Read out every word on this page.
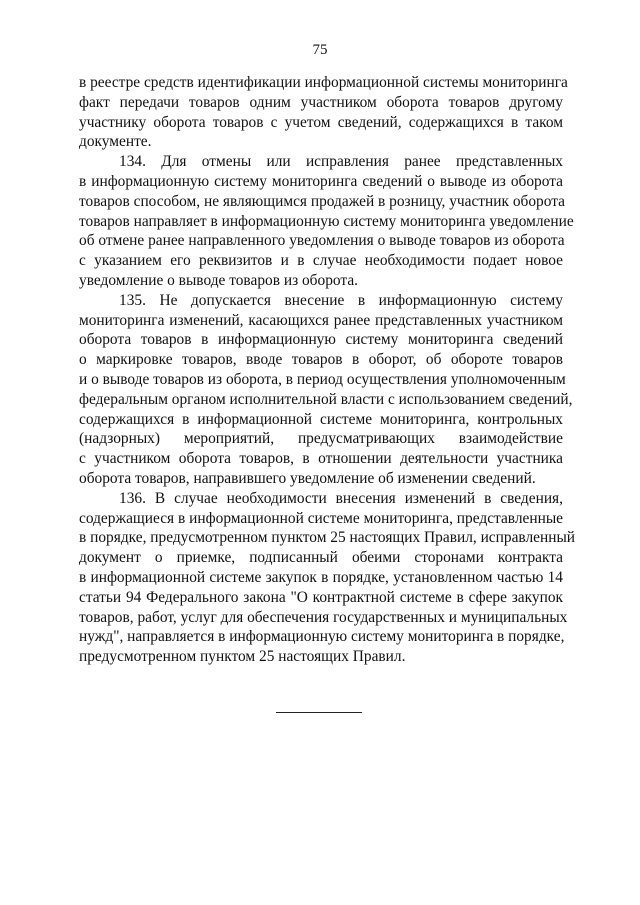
75
в реестре средств идентификации информационной системы мониторинга
факт передачи товаров одним участником оборота товаров другому
участнику оборота товаров с учетом сведений, содержащихся в таком
документе.
134. Для отмены или исправления ранее представленных
в информационную систему мониторинга сведений о выводе из оборота
товаров способом, не являющимся продажей в розницу, участник оборота
товаров направляет в информационную систему мониторинга уведомление
об отмене ранее направленного уведомления о выводе товаров из оборота
с указанием его реквизитов и в случае необходимости подает новое
уведомление о выводе товаров из оборота.
135. Не допускается внесение в информационную систему
мониторинга изменений, касающихся ранее представленных участником
оборота товаров в информационную систему мониторинга сведений
о маркировке товаров, вводе товаров в оборот, об обороте товаров
и о выводе товаров из оборота, в период осуществления уполномоченным
федеральным органом исполнительной власти с использованием сведений,
содержащихся в информационной системе мониторинга, контрольных
(надзорных) мероприятий, предусматривающих взаимодействие
с участником оборота товаров, в отношении деятельности участника
оборота товаров, направившего уведомление об изменении сведений.
136. В случае необходимости внесения изменений в сведения,
содержащиеся в информационной системе мониторинга, представленные
в порядке, предусмотренном пунктом 25 настоящих Правил, исправленный
документ о приемке, подписанный обеими сторонами контракта
в информационной системе закупок в порядке, установленном частью 14
статьи 94 Федерального закона "О контрактной системе в сфере закупок
товаров, работ, услуг для обеспечения государственных и муниципальных
нужд", направляется в информационную систему мониторинга в порядке,
предусмотренном пунктом 25 настоящих Правил.
